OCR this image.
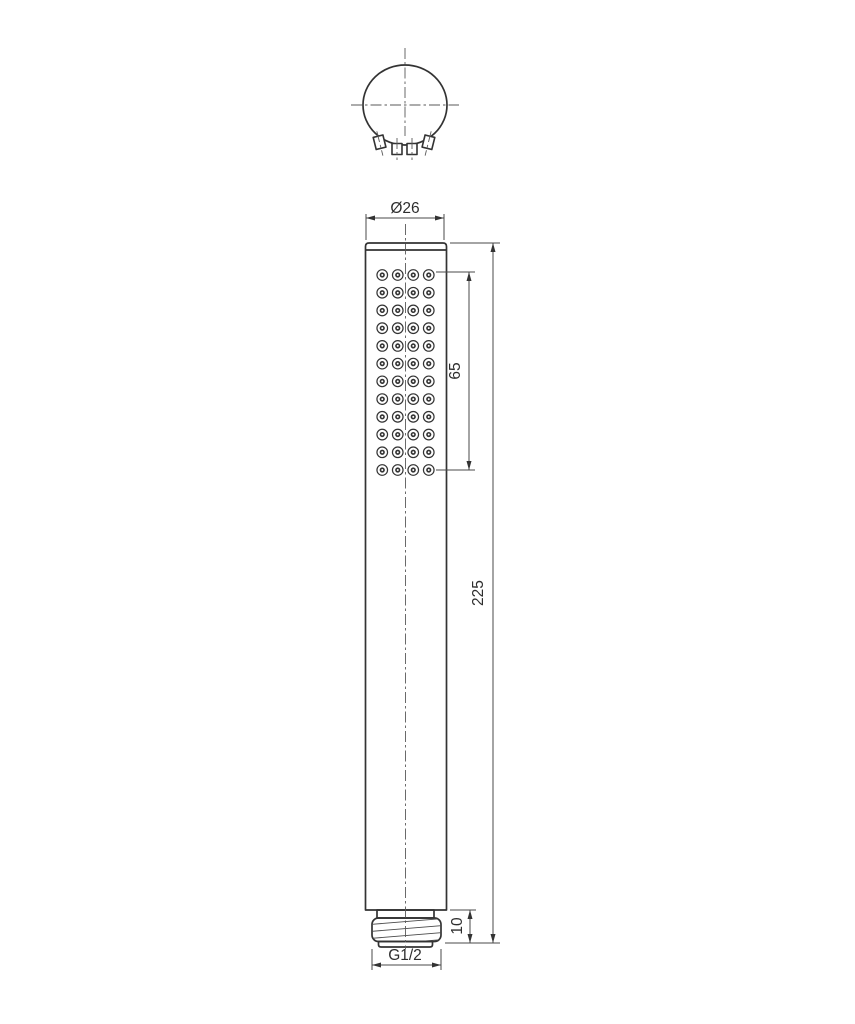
Ø26
65
225
10
G1/2
